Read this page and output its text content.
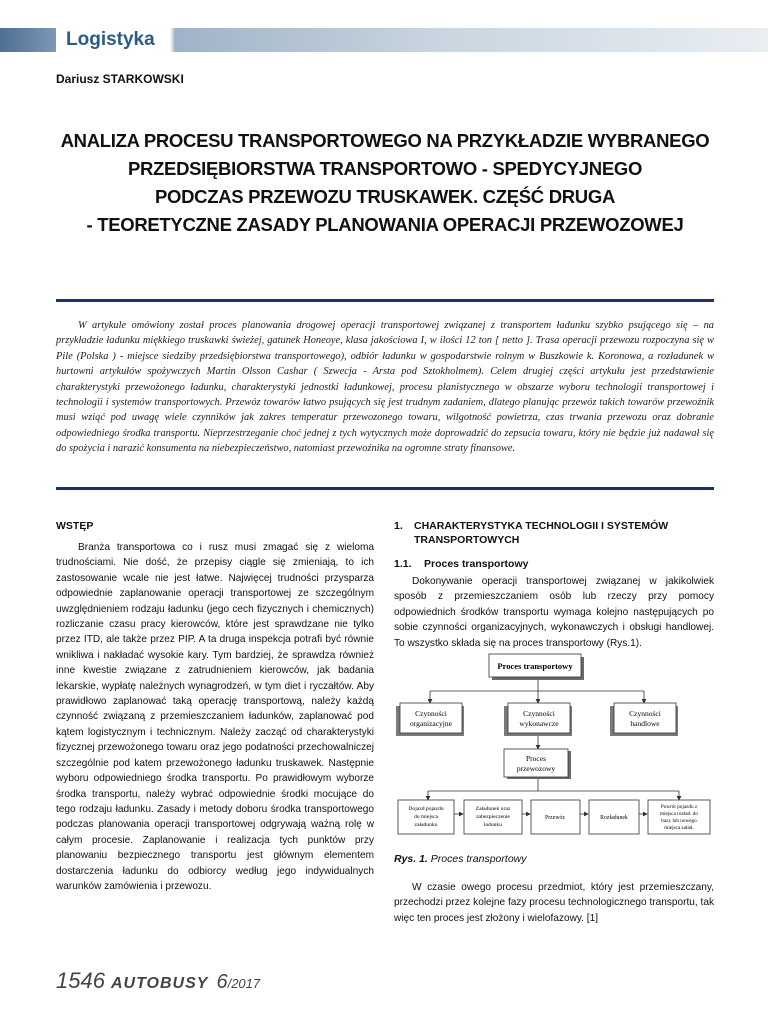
Logistyka
Dariusz STARKOWSKI
ANALIZA PROCESU TRANSPORTOWEGO NA PRZYKŁADZIE WYBRANEGO
PRZEDSIĘBIORSTWA TRANSPORTOWO - SPEDYCYJNEGO
PODCZAS PRZEWOZU TRUSKAWEK. CZĘŚĆ DRUGA
- TEORETYCZNE ZASADY PLANOWANIA OPERACJI PRZEWOZOWEJ
W artykule omówiony został proces planowania drogowej operacji transportowej związanej z transportem ładunku szybko psującego się – na przykładzie ładunku miękkiego truskawki świeżej, gatunek Honeoye, klasa jakościowa I, w ilości 12 ton [ netto ]. Trasa operacji przewozu rozpoczyna się w Pile (Polska ) - miejsce siedziby przedsiębiorstwa transportowego), odbiór ładunku w gospodarstwie rolnym w Buszkowie k. Koronowa, a rozładunek w hurtowni artykułów spożywczych Martin Olsson Cashar ( Szwecja - Arsta pod Sztokholmem). Celem drugiej części artykułu jest przedstawienie charakterystyki przewożonego ładunku, charakterystyki jednostki ładunkowej, procesu planistycznego w obszarze wyboru technologii transportowej i technologii i systemów transportowych. Przewóz towarów łatwo psujących się jest trudnym zadaniem, dlatego planując przewóz takich towarów przewoźnik musi wziąć pod uwagę wiele czynników jak zakres temperatur przewozonego towaru, wilgotność powietrza, czas trwania przewozu oraz dobranie odpowiedniego środka transportu. Nieprzestrzeganie choć jednej z tych wytycznych może doprowadzić do zepsucia towaru, który nie będzie już nadawał się do spożycia i narazić konsumenta na niebezpieczeństwo, natomiast przewoźnika na ogromne straty finansowe.
WSTĘP
Branża transportowa co i rusz musi zmagać się z wieloma trudnościami. Nie dość, że przepisy ciągle się zmieniają, to ich zastosowanie wcale nie jest łatwe. Najwięcej trudności przysparza odpowiednie zaplanowanie operacji transportowej ze szczególnym uwzględnieniem rodzaju ładunku (jego cech fizycznych i chemicznych) rozliczanie czasu pracy kierowców, które jest sprawdzane nie tylko przez ITD, ale także przez PIP. A ta druga inspekcja potrafi być równie wnikliwa i nakładać wysokie kary. Tym bardziej, że sprawdza również inne kwestie związane z zatrudnieniem kierowców, jak badania lekarskie, wypłatę należnych wynagrodzeń, w tym diet i ryczałtów. Aby prawidłowo zaplanować taką operację transportową, należy każdą czynność związaną z przemieszczaniem ładunków, zaplanować pod kątem logistycznym i technicznym. Należy zacząć od charakterystyki fizycznej przewożonego towaru oraz jego podatności przechowalniczej szczególnie pod katem przewożonego ładunku truskawek. Następnie wyboru odpowiedniego środka transportu. Po prawidłowym wyborze środka transportu, należy wybrać odpowiednie środki mocujące do tego rodzaju ładunku. Zasady i metody doboru środka transportowego podczas planowania operacji transportowej odgrywają ważną rolę w całym procesie. Zaplanowanie i realizacja tych punktów przy planowaniu bezpiecznego transportu jest głównym elementem dostarczenia ładunku do odbiorcy według jego indywidualnych warunków zamówienia i przewozu.
1. CHARAKTERYSTYKA TECHNOLOGII I SYSTEMÓW
TRANSPORTOWYCH
1.1. Proces transportowy
Dokonywanie operacji transportowej związanej w jakikolwiek sposób z przemieszczaniem osób lub rzeczy przy pomocy odpowiednich środków transportu wymaga kolejno następujących po sobie czynności organizacyjnych, wykonawczych i obsługi handlowej. To wszystko składa się na proces transportowy (Rys.1).
Proces transportowy
Czynności
organizacyjne
Czynności
wykonawcze
Czynności
handlowe
Proces
przewozowy
Dojazd pojazdu
do miejsca
załadunku
Załadunek oraz
zabezpieczenie
ładunku
Przewóz	Rozładunek
Powrót pojazdu z
miejsca rozład. do
bazy lub nowego
miejsca załad.
Rys. 1. Proces transportowy
W czasie owego procesu przedmiot, który jest przemieszczany, przechodzi przez kolejne fazy procesu technologicznego transportu, tak więc ten proces jest złożony i wielofazowy. [1]
1546 AUTOBUSY 6/2017
